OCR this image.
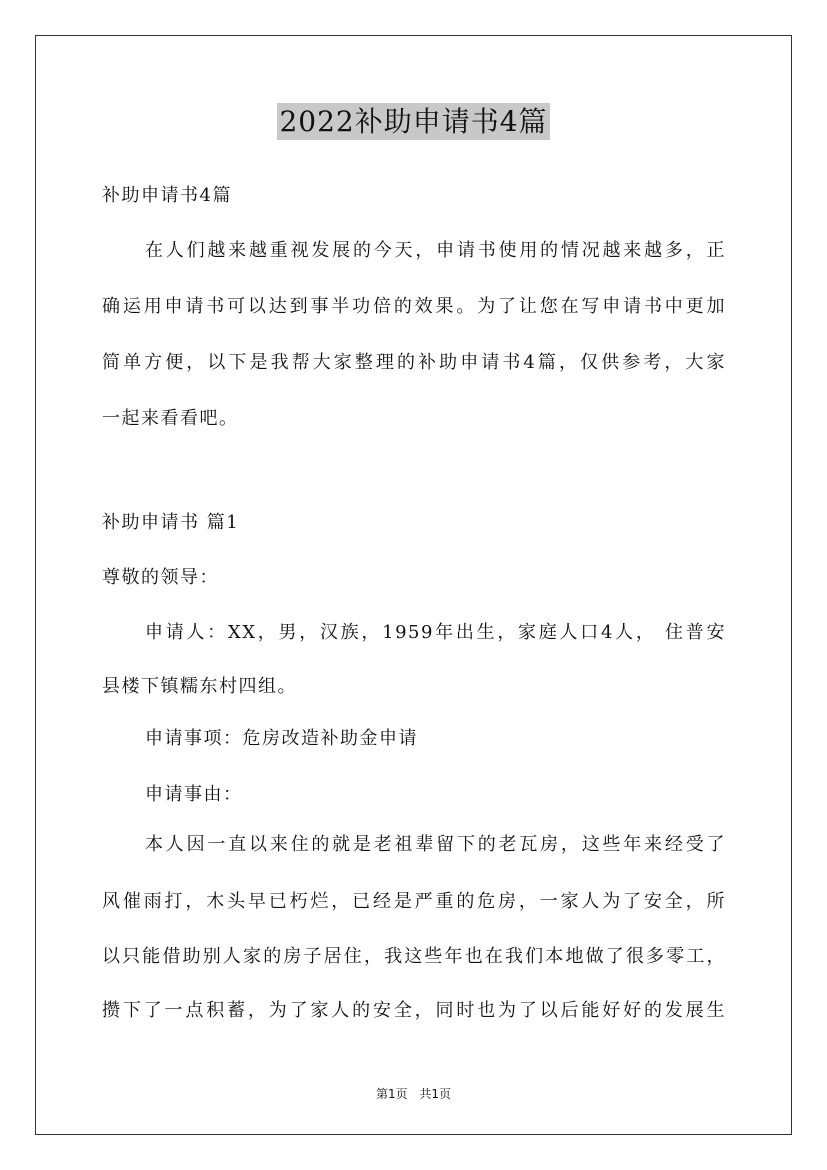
2022补助申请书4篇
补助申请书4篇
在人们越来越重视发展的今天，申请书使用的情况越来越多，正
确运用申请书可以达到事半功倍的效果。为了让您在写申请书中更加
简单方便，以下是我帮大家整理的补助申请书4篇，仅供参考，大家
一起来看看吧。
补助申请书 篇1
尊敬的领导：
申请人：XX，男，汉族，1959年出生，家庭人口4人， 住普安
县楼下镇糯东村四组。
申请事项：危房改造补助金申请
申请事由：
本人因一直以来住的就是老祖辈留下的老瓦房，这些年来经受了
风催雨打，木头早已朽烂，已经是严重的危房，一家人为了安全，所
以只能借助别人家的房子居住，我这些年也在我们本地做了很多零工，
攒下了一点积蓄，为了家人的安全，同时也为了以后能好好的发展生
第1页 共1页
